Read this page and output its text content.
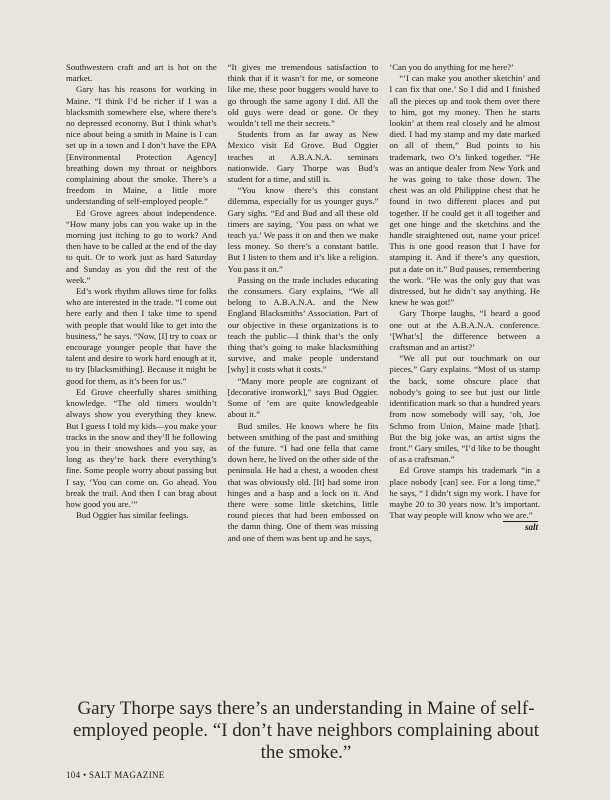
Southwestern craft and art is hot on the market.

Gary has his reasons for working in Maine. “I think I’d be richer if I was a blacksmith somewhere else, where there’s no depressed economy. But I think what’s nice about being a smith in Maine is I can set up in a town and I don’t have the EPA [Environmental Protection Agency] breathing down my throat or neighbors complaining about the smoke. There’s a freedom in Maine, a little more understanding of self-employed people.”

Ed Grove agrees about independence. “How many jobs can you wake up in the morning just itching to go to work? And then have to be called at the end of the day to quit. Or to work just as hard Saturday and Sunday as you did the rest of the week.”

Ed’s work rhythm allows time for folks who are interested in the trade. “I come out here early and then I take time to spend with people that would like to get into the business,” he says. “Now, [I] try to coax or encourage younger people that have the talent and desire to work hard enough at it, to try [blacksmithing]. Because it might be good for them, as it’s been for us.”

Ed Grove cheerfully shares smithing knowledge. “The old timers wouldn’t always show you everything they knew. But I guess I told my kids—you make your tracks in the snow and they’ll be following you in their snowshoes and you say, as long as they’re back there everything’s fine. Some people worry about passing but I say, ‘You can come on. Go ahead. You break the trail. And then I can brag about how good you are.’”

Bud Oggier has similar feelings.

“It gives me tremendous satisfaction to think that if it wasn’t for me, or someone like me, these poor buggers would have to go through the same agony I did. All the old guys were dead or gone. Or they wouldn’t tell me their secrets.”

Students from as far away as New Mexico visit Ed Grove. Bud Oggier teaches at A.B.A.N.A. seminars nationwide. Gary Thorpe was Bud’s student for a time, and still is.

“You know there’s this constant dilemma, especially for us younger guys.” Gary sighs. “Ed and Bud and all these old timers are saying, ‘You pass on what we teach ya.’ We pass it on and then we make less money. So there’s a constant battle. But I listen to them and it’s like a religion. You pass it on.”

Passing on the trade includes educating the consumers. Gary explains, “We all belong to A.B.A.N.A. and the New England Blacksmiths’ Association. Part of our objective in these organizations is to teach the public—I think that’s the only thing that’s going to make blacksmithing survive, and make people understand [why] it costs what it costs.”

“Many more people are cognizant of [decorative ironwork],” says Bud Oggier. Some of ’em are quite knowledgeable about it.”

Bud smiles. He knows where he fits between smithing of the past and smithing of the future. “I had one fella that came down here, he lived on the other side of the peninsula. He had a chest, a wooden chest that was obviously old. [It] had some iron hinges and a hasp and a lock on it. And there were some little sketchins, little round pieces that had been embossed on the damn thing. One of them was missing and one of them was bent up and he says,

‘Can you do anything for me here?’

“‘I can make you another sketchin’ and I can fix that one.’ So I did and I finished all the pieces up and took them over there to him, got my money. Then he starts lookin’ at them real closely and he almost died. I had my stamp and my date marked on all of them,” Bud points to his trademark, two O’s linked together. “He was an antique dealer from New York and he was going to take those down. The chest was an old Philippine chest that he found in two different places and put together. If he could get it all together and get one hinge and the sketchins and the handle straightened out, name your price! This is one good reason that I have for stamping it. And if there’s any question, put a date on it.” Bud pauses, remembering the work. “He was the only guy that was distressed, but he didn’t say anything. He knew he was got!”

Gary Thorpe laughs, “I heard a good one out at the A.B.A.N.A. conference. ‘[What’s] the difference between a craftsman and an artist?’

“We all put our touchmark on our pieces,” Gary explains. “Most of us stamp the back, some obscure place that nobody’s going to see but just our little identification mark so that a hundred years from now somebody will say, ‘oh, Joe Schmo from Union, Maine made [that]. But the big joke was, an artist signs the front.” Gary smiles, “I’d like to be thought of as a craftsman.”

Ed Grove stamps his trademark “in a place nobody [can] see. For a long time,” he says, “ I didn’t sign my work. I have for maybe 20 to 30 years now. It’s important. That way people will know who we are.”

salt
Gary Thorpe says there’s an understanding in Maine of self-employed people. “I don’t have neighbors complaining about the smoke.”
104 • SALT MAGAZINE
